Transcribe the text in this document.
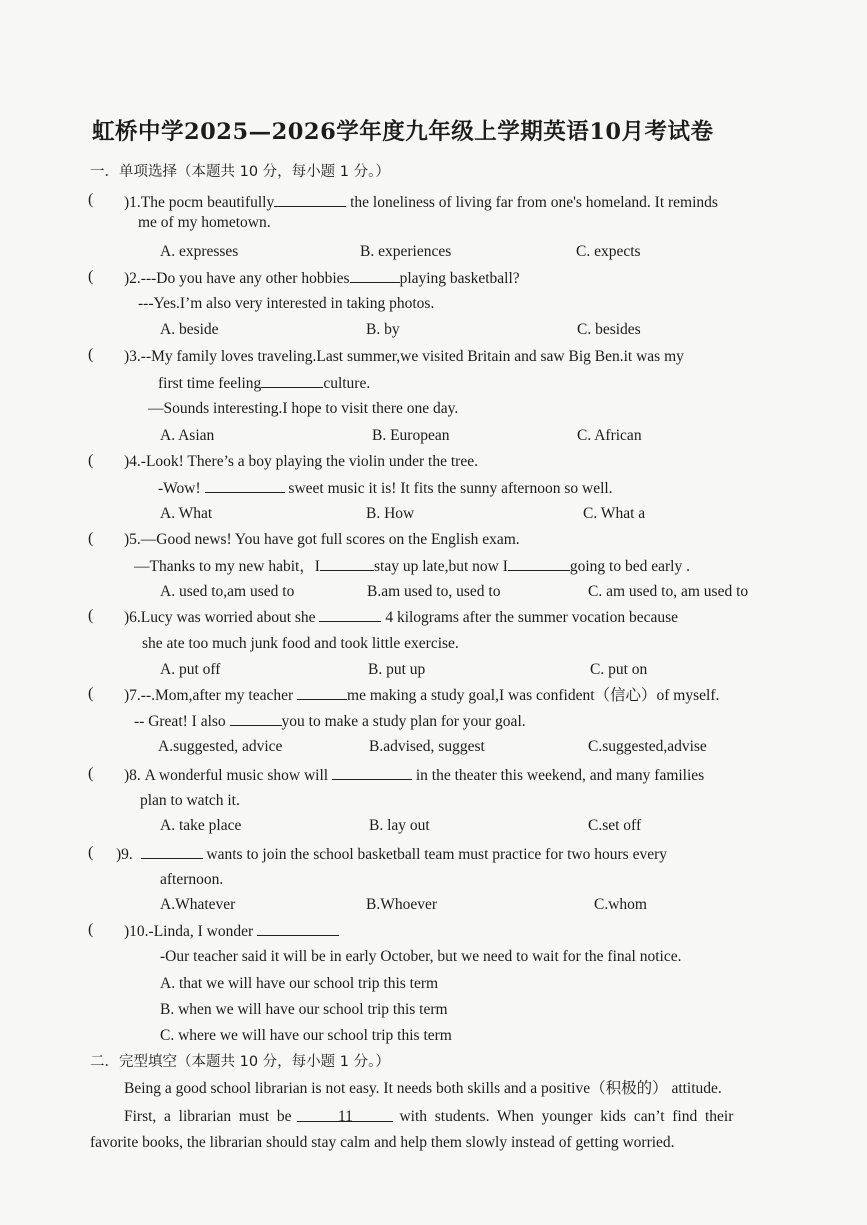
虹桥中学2025—2026学年度九年级上学期英语10月考试卷
一．单项选择（本题共 10 分，每小题 1 分。）
( )1.The pocm beautifully	the loneliness of living far from one's homeland. It reminds
me of my hometown.
A. expresses	B. experiences	C. expects
( )2.---Do you have any other hobbies	playing basketball?
---Yes.I’m also very interested in taking photos.
A. beside	B. by	C. besides
( )3.--My family loves traveling.Last summer,we visited Britain and saw Big Ben.it was my
first time feeling	culture.
—Sounds interesting.I hope to visit there one day.
A. Asian	B. European	C. African
( )4.-Look! There’s a boy playing the violin under the tree.
-Wow!	sweet music it is! It fits the sunny afternoon so well.
A. What	B. How	C. What a
( )5.—Good news! You have got full scores on the English exam.
—Thanks to my new habit，I	stay up late,but now I	going to bed early .
A. used to,am used to	B.am used to, used to	C. am used to, am used to
( )6.Lucy was worried about she	4 kilograms after the summer vocation because
she ate too much junk food and took little exercise.
A. put off	B. put up	C. put on
( )7.--.Mom,after my teacher	me making a study goal,I was confident（信心）of myself.
-- Great! I also	you to make a study plan for your goal.
A.suggested, advice	B.advised, suggest	C.suggested,advise
( )8. A wonderful music show will	in the theater this weekend, and many families
plan to watch it.
A. take place	B. lay out	C.set off
( )9.	wants to join the school basketball team must practice for two hours every
afternoon.
A.Whatever	B.Whoever	C.whom
( )10.-Linda, I wonder
-Our teacher said it will be in early October, but we need to wait for the final notice.
A. that we will have our school trip this term
B. when we will have our school trip this term
C. where we will have our school trip this term
二．完型填空（本题共 10 分，每小题 1 分。）
Being a good school librarian is not easy. It needs both skills and a positive（积极的） attitude.
First,  a  librarian  must  be	11	with  students.  When  younger  kids  can’t  find  their
favorite books, the librarian should stay calm and help them slowly instead of getting worried.
